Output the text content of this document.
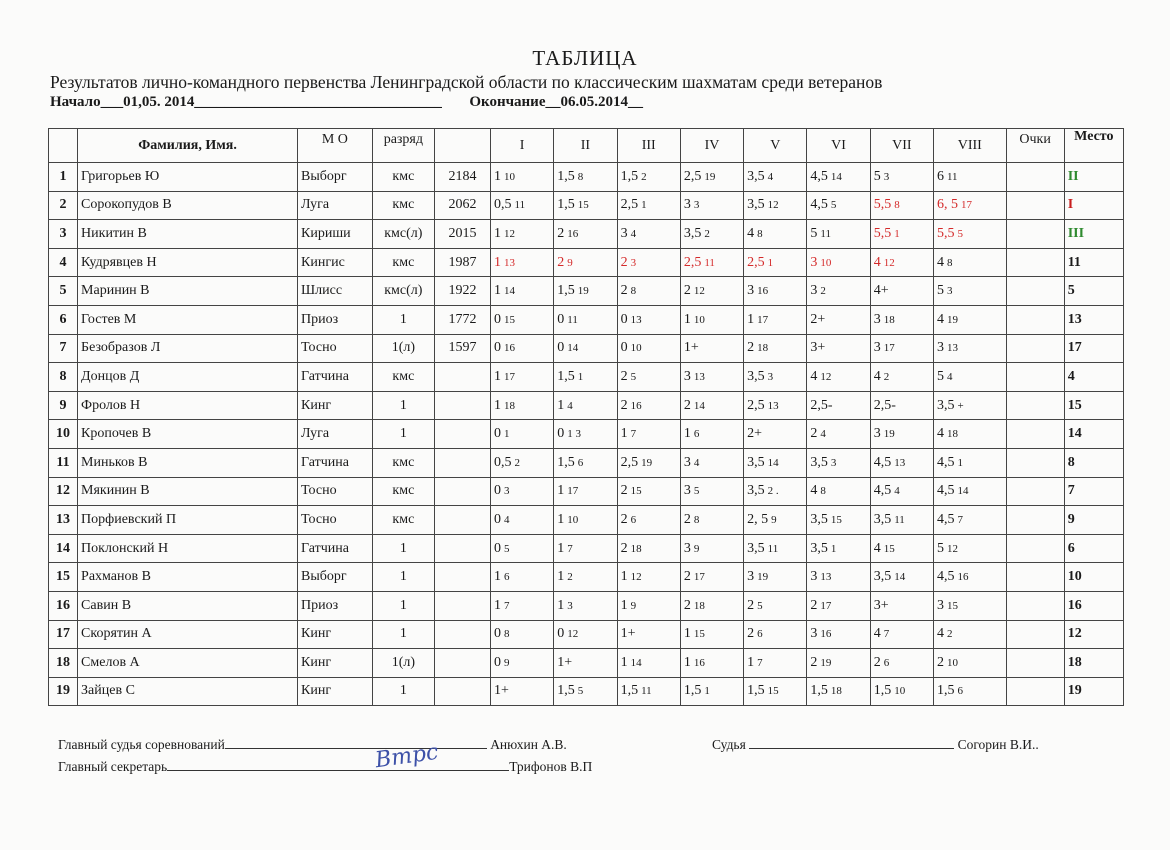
ТАБЛИЦА
Результатов лично-командного первенства Ленинградской области по классическим шахматам среди ветеранов
Начало___01,05. 2014_________________________________ Окончание__06.05.2014__
	Фамилия, Имя.	М О	разряд		I	II	III	IV	V	VI	VII	VIII	Очки	Место
1	Григорьев Ю	Выборг	кмс	2184	1 10	1,5 8	1,5 2	2,5 19	3,5 4	4,5 14	5 3	6 11		II
2	Сорокопудов В	Луга	кмс	2062	0,5 11	1,5 15	2,5 1	3 3	3,5 12	4,5 5	5,5 8	6, 5 17		I
3	Никитин В	Кириши	кмс(л)	2015	1 12	2 16	3 4	3,5 2	4 8	5 11	5,5 1	5,5 5		III
4	Кудрявцев Н	Кингис	кмс	1987	1 13	2 9	2 3	2,5 11	2,5 1	3 10	4 12	4 8		11
5	Маринин В	Шлисс	кмс(л)	1922	1 14	1,5 19	2 8	2 12	3 16	3 2	4+	5 3		5
6	Гостев М	Приоз	1	1772	0 15	0 11	0 13	1 10	1 17	2+	3 18	4 19		13
7	Безобразов Л	Тосно	1(л)	1597	0 16	0 14	0 10	1+	2 18	3+	3 17	3 13		17
8	Донцов Д	Гатчина	кмс		1 17	1,5 1	2 5	3 13	3,5 3	4 12	4 2	5 4		4
9	Фролов Н	Кинг	1		1 18	1 4	2 16	2 14	2,5 13	2,5-	2,5-	3,5 +		15
10	Кропочев В	Луга	1		0 1	0 1 3	1 7	1 6	2+	2 4	3 19	4 18		14
11	Миньков В	Гатчина	кмс		0,5 2	1,5 6	2,5 19	3 4	3,5 14	3,5 3	4,5 13	4,5 1		8
12	Мякинин В	Тосно	кмс		0 3	1 17	2 15	3 5	3,5 2 .	4 8	4,5 4	4,5 14		7
13	Порфиевский П	Тосно	кмс		0 4	1 10	2 6	2 8	2, 5 9	3,5 15	3,5 11	4,5 7		9
14	Поклонский Н	Гатчина	1		0 5	1 7	2 18	3 9	3,5 11	3,5 1	4 15	5 12		6
15	Рахманов В	Выборг	1		1 6	1 2	1 12	2 17	3 19	3 13	3,5 14	4,5 16		10
16	Савин В	Приоз	1		1 7	1 3	1 9	2 18	2 5	2 17	3+	3 15		16
17	Скорятин А	Кинг	1		0 8	0 12	1+	1 15	2 6	3 16	4 7	4 2		12
18	Смелов А	Кинг	1(л)		0 9	1+	1 14	1 16	1 7	2 19	2 6	2 10		18
19	Зайцев С	Кинг	1		1+	1,5 5	1,5 11	1,5 1	1,5 15	1,5 18	1,5 10	1,5 6		19
Главный судья соревнований	Анюхин А.В.	Судья	Согорин В.И..
Главный секретарь	Трифонов В.П
Втрс
